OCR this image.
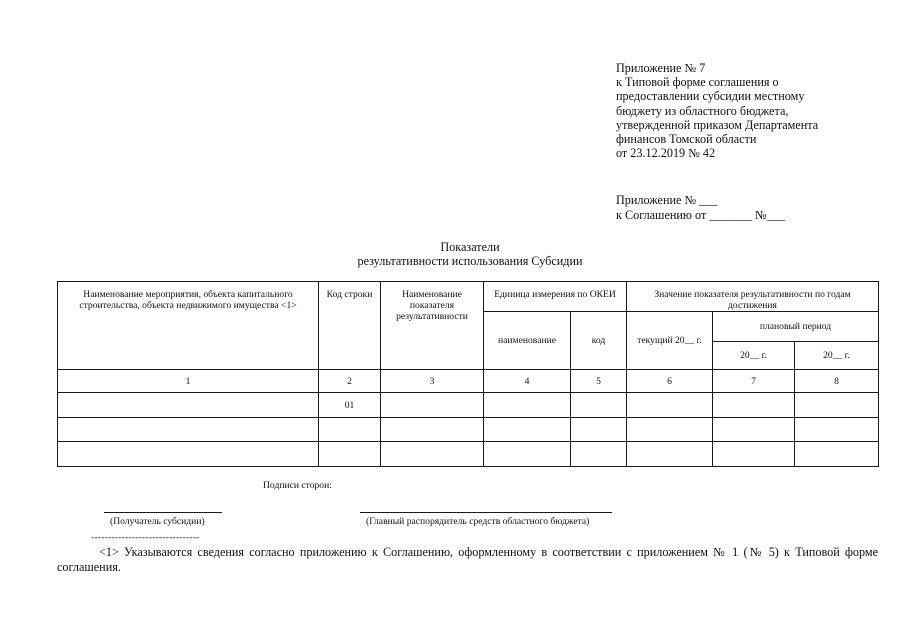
Приложение № 7
к Типовой форме соглашения о
предоставлении субсидии местному
бюджету из областного бюджета,
утвержденной приказом Департамента
финансов Томской области
от 23.12.2019 № 42
Приложение № ___
к Соглашению от _______ №___
Показатели
результативности использования Субсидии
Наименование мероприятия, объекта капитального строительства, объекта недвижимого имущества <1>	Код строки	Наименование показателя результативности	Единица измерения по ОКЕИ		Значение показателя результативности по годам достижения		
			наименование	код	текущий 20__ г.	плановый период	
						20__ г.	20__ г.
1	2	3	4	5	6	7	8
	01						

Подписи сторон:
(Получатель субсидии)	(Главный распорядитель средств областного бюджета)
--------------------------------
<1> Указываются сведения согласно приложению к Соглашению, оформленному в соответствии с приложением № 1 (№ 5) к Типовой форме соглашения.
